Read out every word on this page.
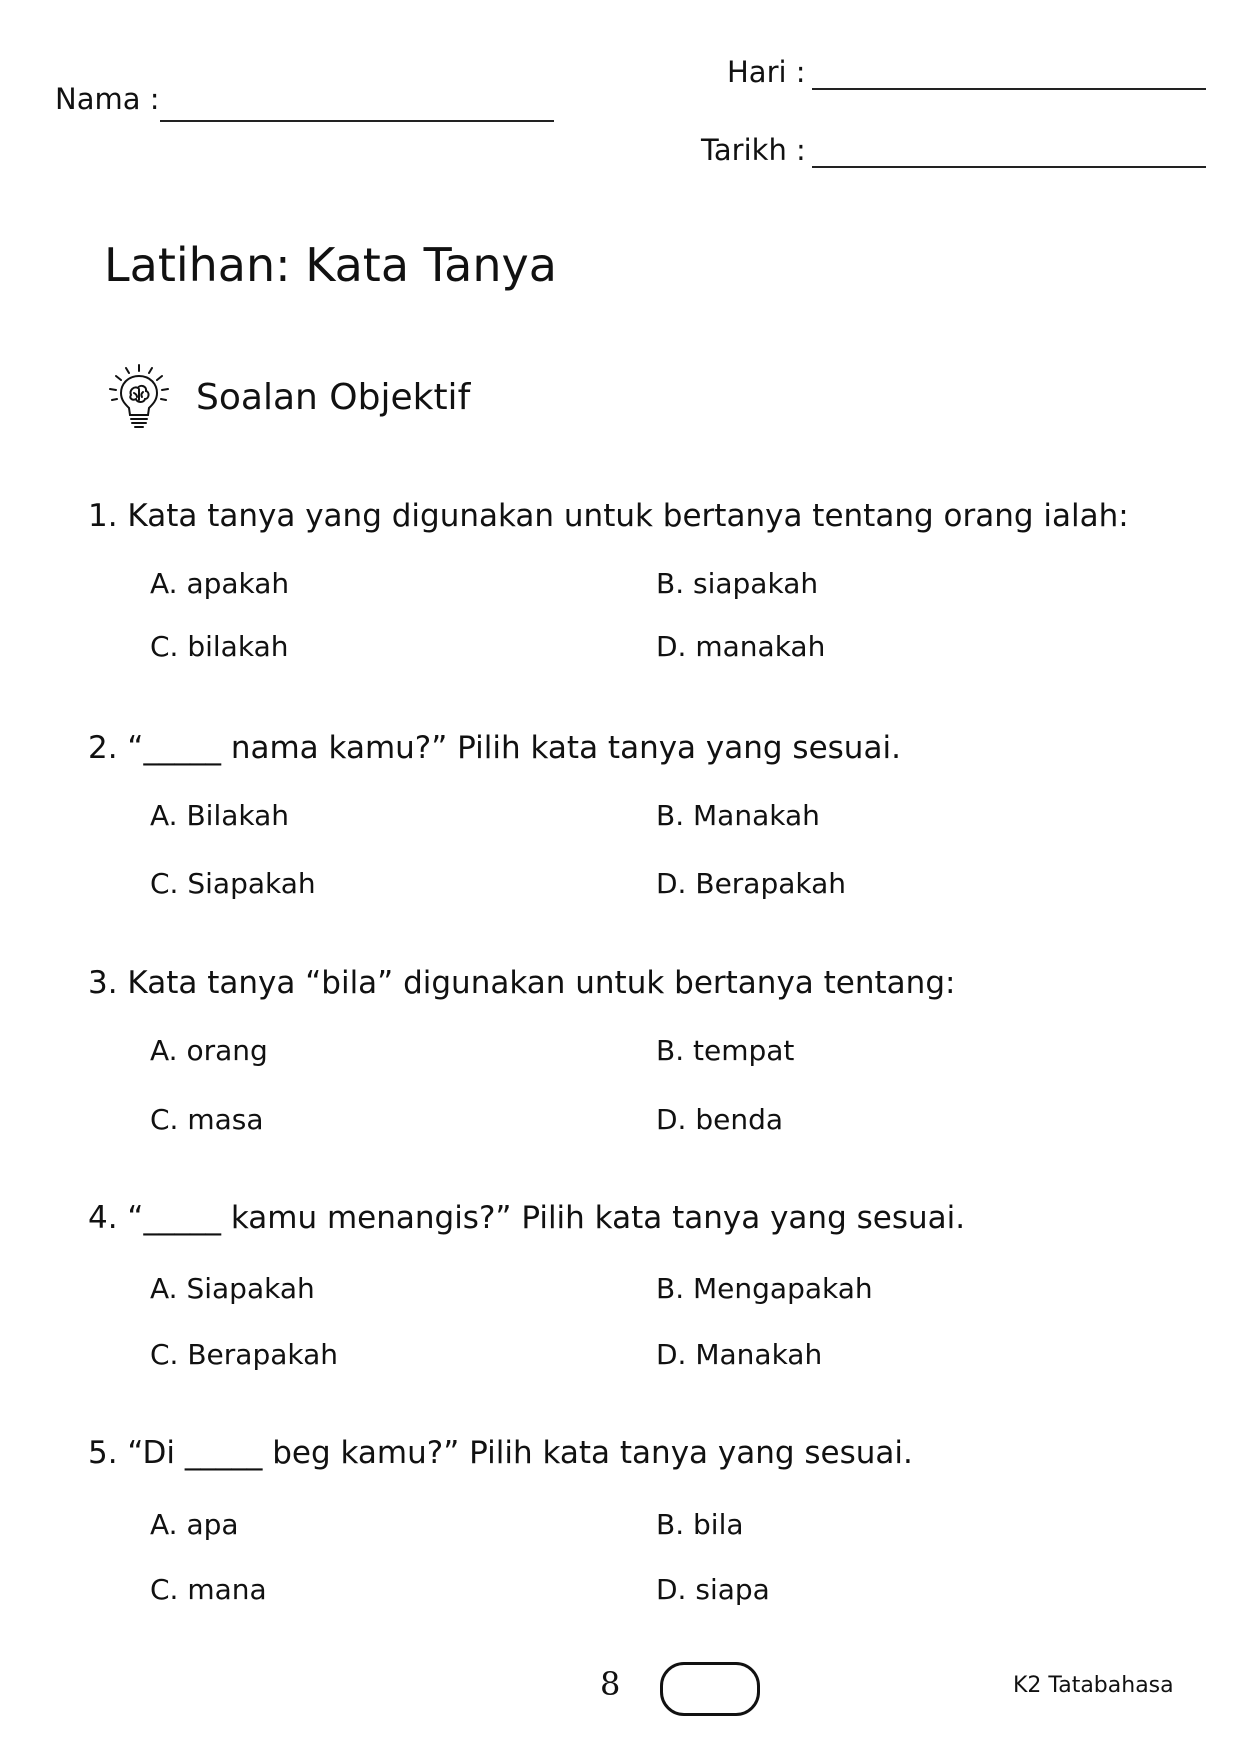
Nama :
Hari :
Tarikh :
Latihan: Kata Tanya
Soalan Objektif
1. Kata tanya yang digunakan untuk bertanya tentang orang ialah:
A. apakah	B. siapakah
C. bilakah	D. manakah
2. “_____ nama kamu?” Pilih kata tanya yang sesuai.
A. Bilakah	B. Manakah
C. Siapakah	D. Berapakah
3. Kata tanya “bila” digunakan untuk bertanya tentang:
A. orang	B. tempat
C. masa	D. benda
4. “_____ kamu menangis?” Pilih kata tanya yang sesuai.
A. Siapakah	B. Mengapakah
C. Berapakah	D. Manakah
5. “Di _____ beg kamu?” Pilih kata tanya yang sesuai.
A. apa	B. bila
C. mana	D. siapa
8	K2 Tatabahasa
